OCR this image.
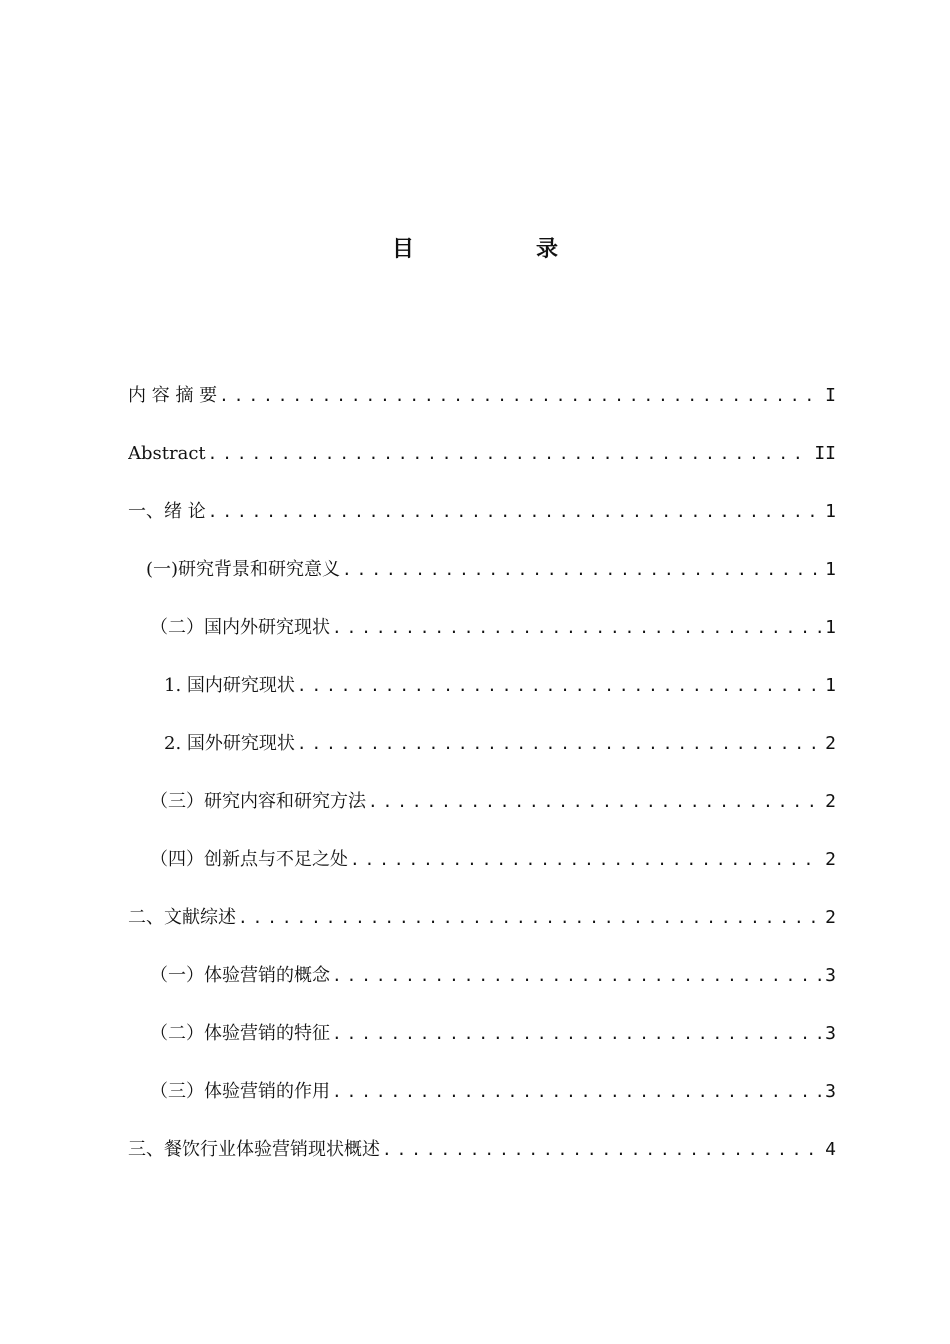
目　录
内 容 摘 要 .....	I
Abstract .....	II
一、绪 论 .....	1
(一)研究背景和研究意义 .....	1
（二）国内外研究现状 .....	1
1. 国内研究现状 .....	1
2. 国外研究现状 .....	2
（三）研究内容和研究方法 .....	2
（四）创新点与不足之处 .....	2
二、文献综述 .....	2
（一）体验营销的概念 .....	3
（二）体验营销的特征 .....	3
（三）体验营销的作用 .....	3
三、餐饮行业体验营销现状概述 .....	4
